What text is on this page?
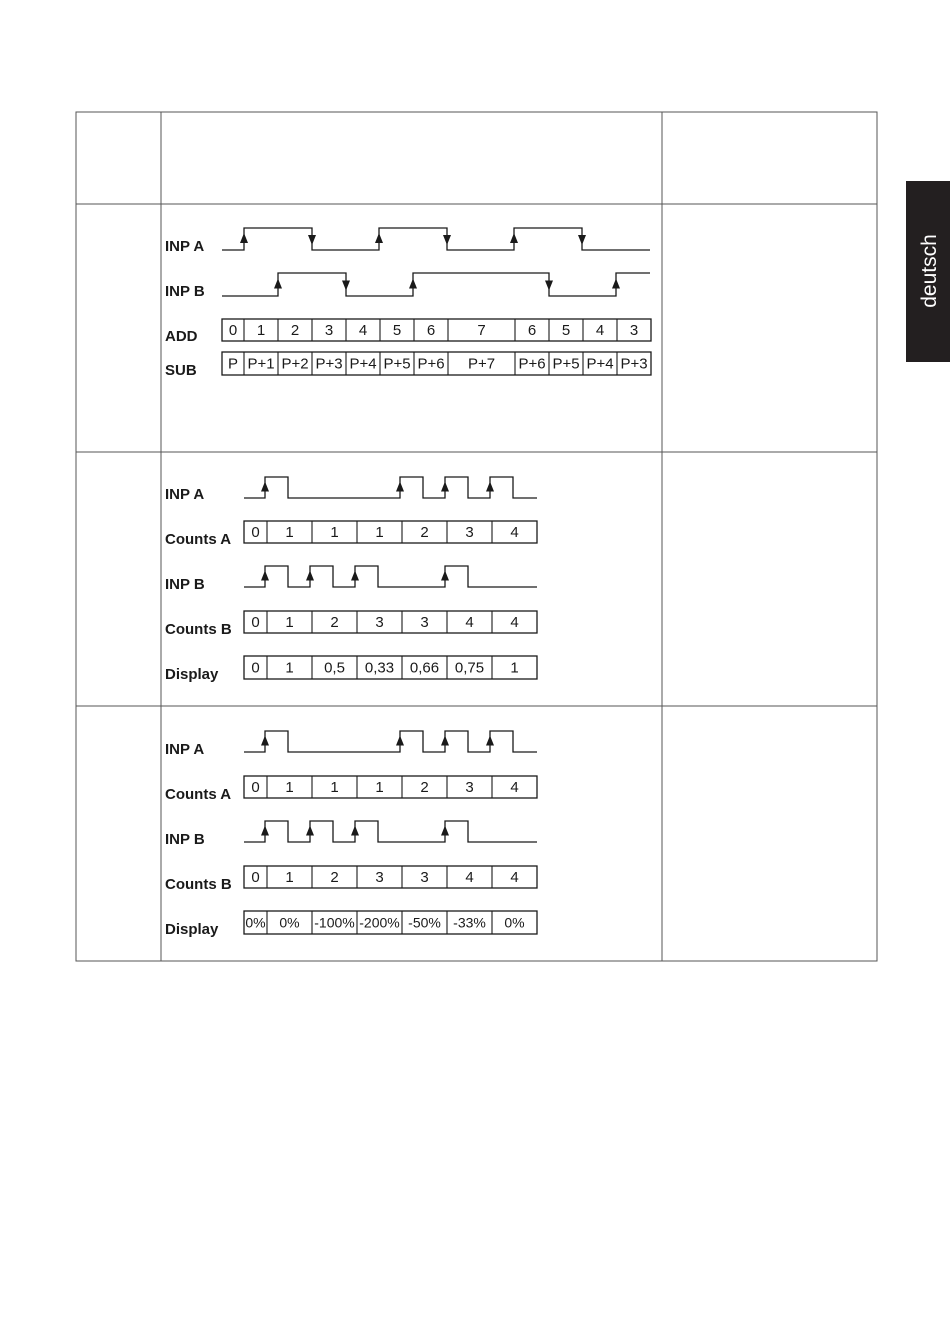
deutsch
INP A
INP B
ADD 0 1 2 3 4 5 6	7	6 5 4 3
SUB P P+1 P+2 P+3 P+4 P+5 P+6 P+7 P+6 P+5 P+4 P+3
INP A
Counts A 0 1 1 1 2 3 4
INP B
Counts B 0 1 2 3 3 4 4
Display 0 1 0,5 0,33 0,66 0,75 1
INP A
Counts A 0 1 1 1 2 3 4
INP B
Counts B 0 1 2 3 3 4 4
Display 0% 0% -100% -200% -50% -33% 0%
